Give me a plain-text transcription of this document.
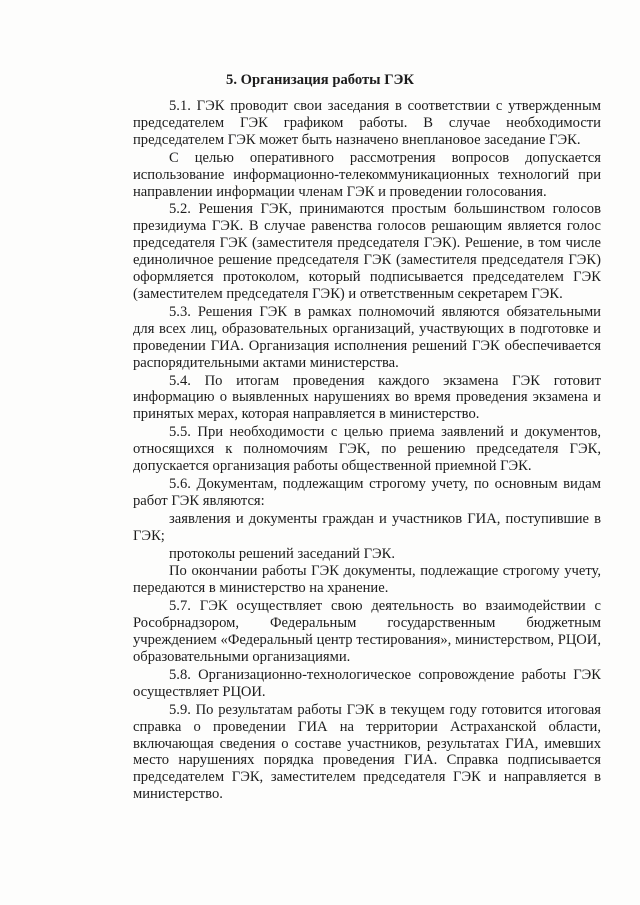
5. Организация работы ГЭК

5.1. ГЭК проводит свои заседания в соответствии с утвержденным председателем ГЭК графиком работы. В случае необходимости председателем ГЭК может быть назначено внеплановое заседание ГЭК.

С целью оперативного рассмотрения вопросов допускается использование информационно-телекоммуникационных технологий при направлении информации членам ГЭК и проведении голосования.

5.2. Решения ГЭК, принимаются простым большинством голосов президиума ГЭК. В случае равенства голосов решающим является голос председателя ГЭК (заместителя председателя ГЭК). Решение, в том числе единоличное решение председателя ГЭК (заместителя председателя ГЭК) оформляется протоколом, который подписывается председателем ГЭК (заместителем председателя ГЭК) и ответственным секретарем ГЭК.

5.3. Решения ГЭК в рамках полномочий являются обязательными для всех лиц, образовательных организаций, участвующих в подготовке и проведении ГИА. Организация исполнения решений ГЭК обеспечивается распорядительными актами министерства.

5.4. По итогам проведения каждого экзамена ГЭК готовит информацию о выявленных нарушениях во время проведения экзамена и принятых мерах, которая направляется в министерство.

5.5. При необходимости с целью приема заявлений и документов, относящихся к полномочиям ГЭК, по решению председателя ГЭК, допускается организация работы общественной приемной ГЭК.

5.6. Документам, подлежащим строгому учету, по основным видам работ ГЭК являются:

заявления и документы граждан и участников ГИА, поступившие в ГЭК;

протоколы решений заседаний ГЭК.

По окончании работы ГЭК документы, подлежащие строгому учету, передаются в министерство на хранение.

5.7. ГЭК осуществляет свою деятельность во взаимодействии с Рособрнадзором, Федеральным государственным бюджетным учреждением «Федеральный центр тестирования», министерством, РЦОИ, образовательными организациями.

5.8. Организационно-технологическое сопровождение работы ГЭК осуществляет РЦОИ.

5.9. По результатам работы ГЭК в текущем году готовится итоговая справка о проведении ГИА на территории Астраханской области, включающая сведения о составе участников, результатах ГИА, имевших место нарушениях порядка проведения ГИА. Справка подписывается председателем ГЭК, заместителем председателя ГЭК и направляется в министерство.
